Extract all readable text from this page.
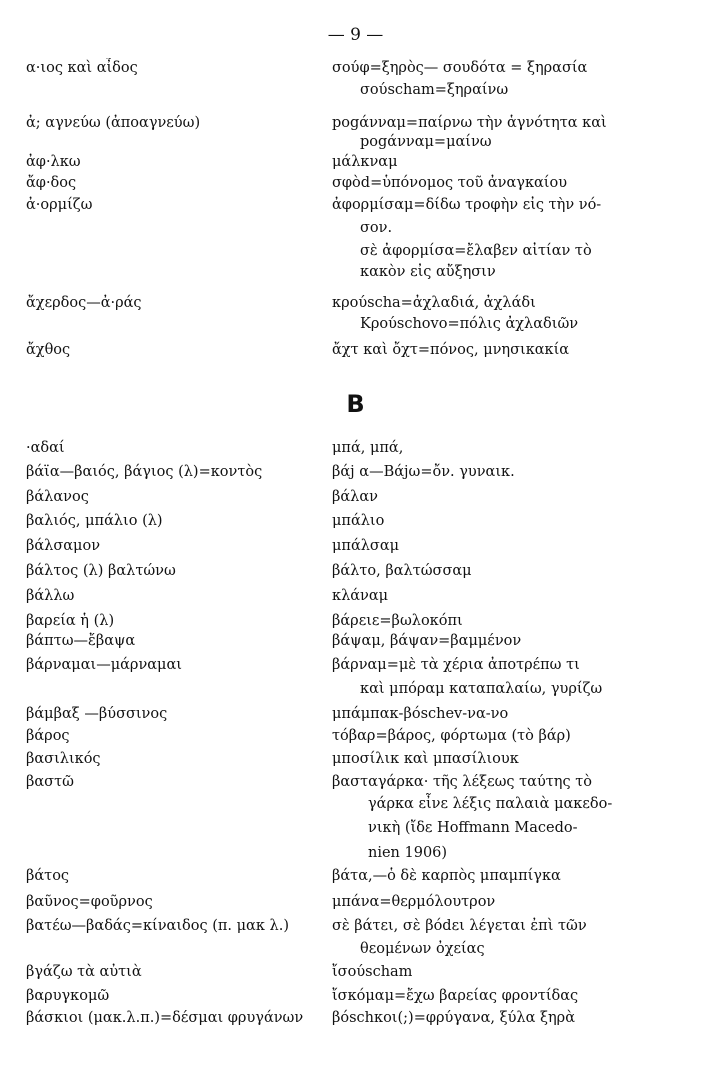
— 9 —
α·ιος καὶ αἶδος	σούφ=ξηρὸς— σουδότα = ξηρασία
σούscham=ξηραίνω
ἀ; αγνεύω (ἀποαγνεύω)	pogάνναμ=παίρνω τὴν ἁγνότητα καὶ
pogάνναμ=μαίνω
ἀφ·λκω	μάλκναμ
ἄφ·δος	σφὸd=ὑπόνομος τοῦ ἀναγκαίου
ἀ·ορμίζω	ἀφορμίσαμ=δίδω τροφὴν εἰς τὴν νό-
σον.
σὲ ἀφορμίσα=ἔλαβεν αἰτίαν τὸ
κακὸν εἰς αὔξησιν
ἄχερδος—ἀ·ράς	κρούscha=ἀχλαδιά, ἀχλάδι
Κρούschovo=πόλις ἀχλαδιῶν
ἄχθος	ἄχτ καὶ ὄχτ=πόνος, μνησικακία
B
·αδαί	μπά, μπά,
βάϊα—βαιός, βάγιος (λ)=κοντὸς	βάj α—Βάjω=ὄν. γυναικ.
βάλανος	βάλαν
βαλιός, μπάλιο (λ)	μπάλιο
βάλσαμον	μπάλσαμ
βάλτος (λ) βαλτώνω	βάλτο, βαλτώσσαμ
βάλλω	κλάναμ
βαρεία ἡ (λ)	βάρειε=βωλοκόπι
βάπτω—ἔβαψα	βάψαμ, βάψαν=βαμμένον
βάρναμαι—μάρναμαι	βάρναμ=μὲ τὰ χέρια ἀποτρέπω τι
καὶ μπόραμ καταπαλαίω, γυρίζω
βάμβαξ —βύσσινος	μπάμπακ-βόschev-να-νο
βάρος	τόβαρ=βάρος, φόρτωμα (τὸ βάρ)
βασιλικός	μποσίλικ καὶ μπασίλιουκ
βαστῶ	βασταγάρκα· τῆς λέξεως ταύτης τὸ
γάρκα εἶνε λέξις παλαιὰ μακεδο-
νικὴ (ἴδε Hoffmann Macedo-
nien 1906)
βάτος	βάτα,—ὁ δὲ καρπὸς μπαμπίγκα
βαῦνος=φοῦρνος	μπάνα=θερμόλουτρον
βατέω—βαδάς=κίναιδος (π. μακ λ.)	σὲ βάτει, σὲ βόdει λέγεται ἐπὶ τῶν
θεομένων ὀχείας
βγάζω τὰ αὐτιὰ	ἴσούscham
βαρυγκομῶ	ἴσκόμαμ=ἔχω βαρείας φροντίδας
βάσκιοι (μακ.λ.π.)=δέσμαι φρυγάνων	βόschκοι(;)=φρύγανα, ξύλα ξηρὰ
